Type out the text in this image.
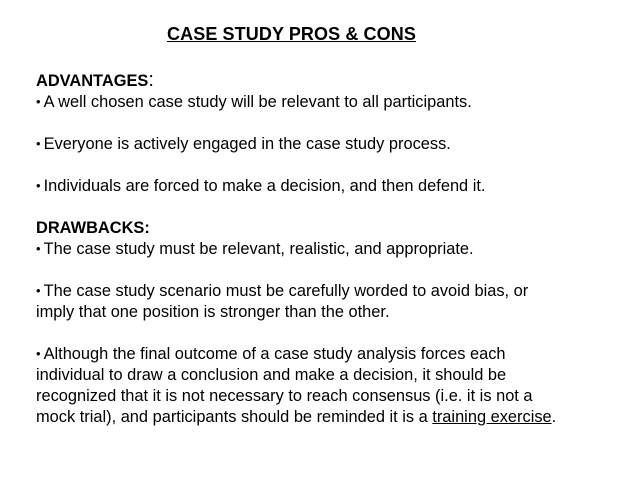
CASE STUDY PROS & CONS
ADVANTAGES:
• A well chosen case study will be relevant to all participants.
• Everyone is actively engaged in the case study process.
• Individuals are forced to make a decision, and then defend it.
DRAWBACKS:
• The case study must be relevant, realistic, and appropriate.
• The case study scenario must be carefully worded to avoid bias, or
imply that one position is stronger than the other.
• Although the final outcome of a case study analysis forces each
individual to draw a conclusion and make a decision, it should be
recognized that it is not necessary to reach consensus (i.e. it is not a
mock trial), and participants should be reminded it is a training exercise.
